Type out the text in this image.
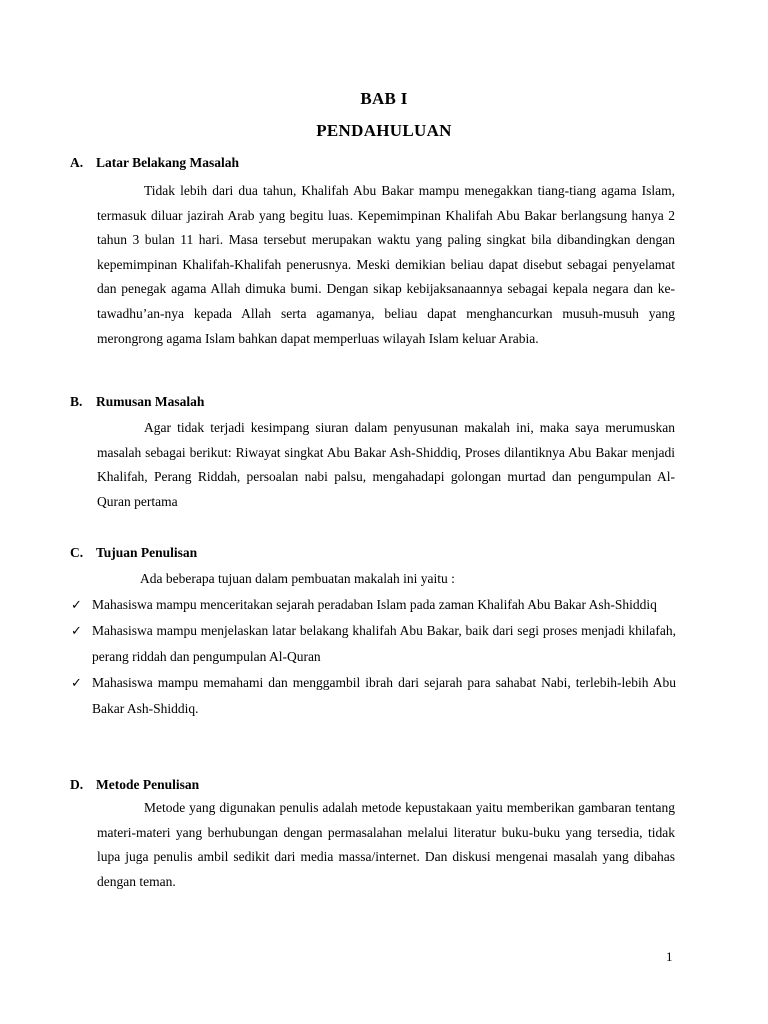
BAB I
PENDAHULUAN
A. Latar Belakang Masalah

Tidak lebih dari dua tahun, Khalifah Abu Bakar mampu menegakkan tiang-tiang agama Islam, termasuk diluar jazirah Arab yang begitu luas. Kepemimpinan Khalifah Abu Bakar berlangsung hanya 2 tahun 3 bulan 11 hari. Masa tersebut merupakan waktu yang paling singkat bila dibandingkan dengan kepemimpinan Khalifah-Khalifah penerusnya. Meski demikian beliau dapat disebut sebagai penyelamat dan penegak agama Allah dimuka bumi. Dengan sikap kebijaksanaannya sebagai kepala negara dan ke-tawadhu’an-nya kepada Allah serta agamanya, beliau dapat menghancurkan musuh-musuh yang merongrong agama Islam bahkan dapat memperluas wilayah Islam keluar Arabia.

B. Rumusan Masalah

Agar tidak terjadi kesimpang siuran dalam penyusunan makalah ini, maka saya merumuskan masalah sebagai berikut: Riwayat singkat Abu Bakar Ash-Shiddiq, Proses dilantiknya Abu Bakar menjadi Khalifah, Perang Riddah, persoalan nabi palsu, mengahadapi golongan murtad dan pengumpulan Al-Quran pertama

C. Tujuan Penulisan
Ada beberapa tujuan dalam pembuatan makalah ini yaitu :
✓ Mahasiswa mampu menceritakan sejarah peradaban Islam pada zaman Khalifah Abu Bakar Ash-Shiddiq
✓ Mahasiswa mampu menjelaskan latar belakang khalifah Abu Bakar, baik dari segi proses menjadi khilafah, perang riddah dan pengumpulan Al-Quran
✓ Mahasiswa mampu memahami dan menggambil ibrah dari sejarah para sahabat Nabi, terlebih-lebih Abu Bakar Ash-Shiddiq.
D. Metode Penulisan

Metode yang digunakan penulis adalah metode kepustakaan yaitu memberikan gambaran tentang materi-materi yang berhubungan dengan permasalahan melalui literatur buku-buku yang tersedia, tidak lupa juga penulis ambil sedikit dari media massa/internet. Dan diskusi mengenai masalah yang dibahas dengan teman.

1
